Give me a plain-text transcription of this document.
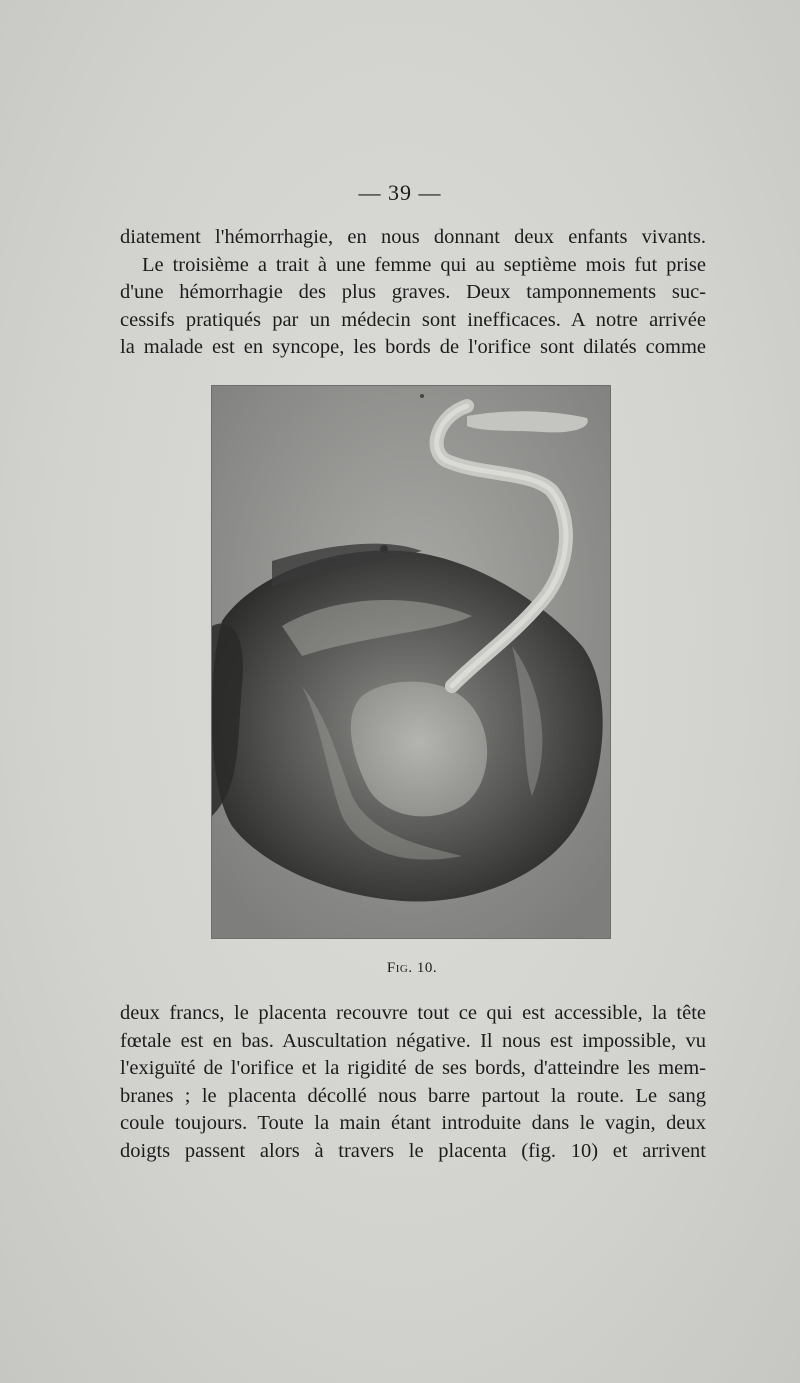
— 39 —
diatement l'hémorrhagie, en nous donnant deux enfants vivants.
Le troisième a trait à une femme qui au septième mois fut prise
d'une hémorrhagie des plus graves. Deux tamponnements suc-
cessifs pratiqués par un médecin sont inefficaces. A notre arrivée
la malade est en syncope, les bords de l'orifice sont dilatés comme
Fig. 10.
deux francs, le placenta recouvre tout ce qui est accessible, la tête
fœtale est en bas. Auscultation négative. Il nous est impossible, vu
l'exiguïté de l'orifice et la rigidité de ses bords, d'atteindre les mem-
branes ; le placenta décollé nous barre partout la route. Le sang
coule toujours. Toute la main étant introduite dans le vagin, deux
doigts passent alors à travers le placenta (fig. 10) et arrivent
